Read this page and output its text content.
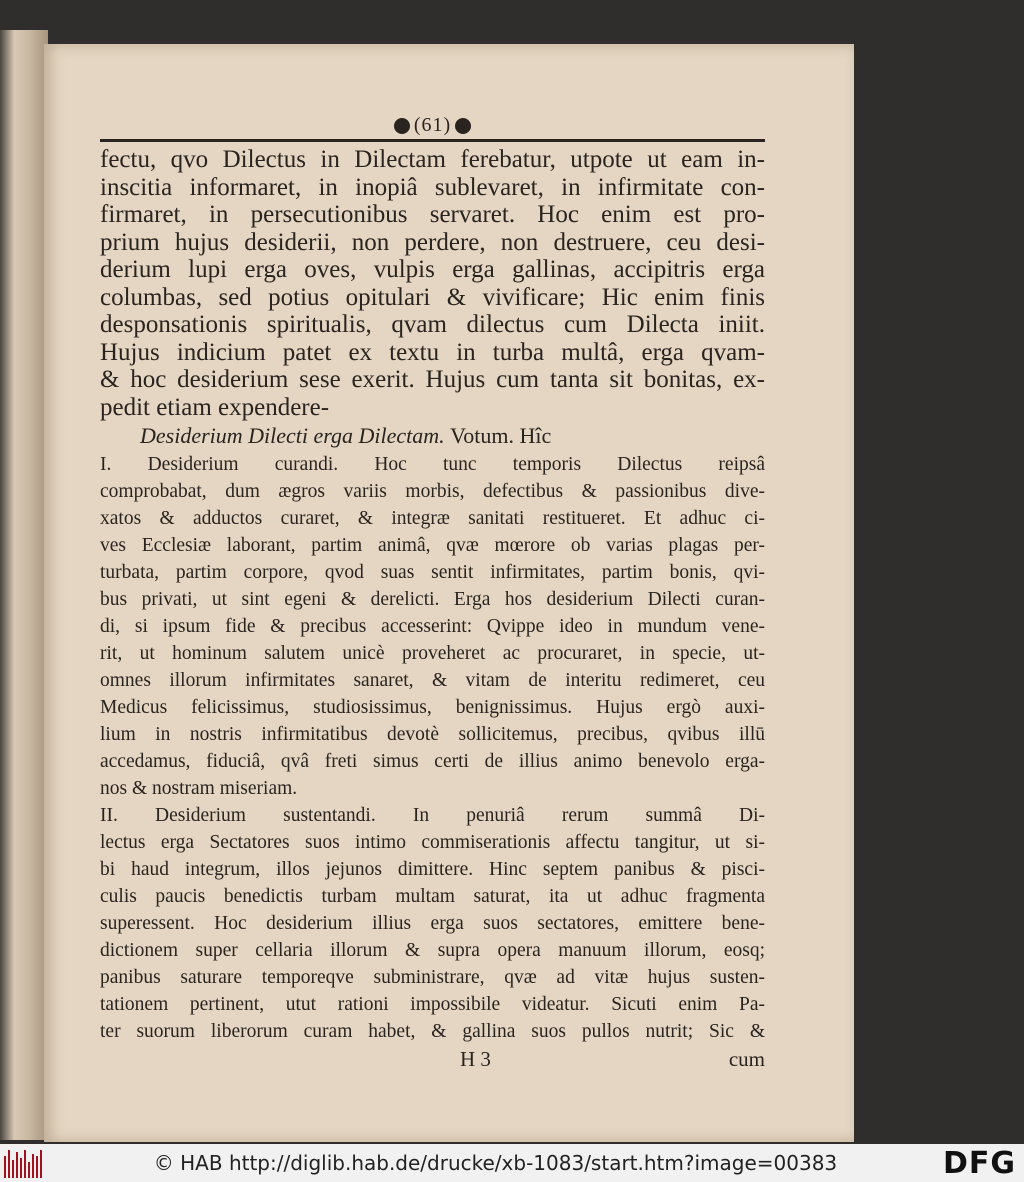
(61)
fectu, qvo Dilectus in Dilectam ferebatur, utpote ut eam in-
inscitia informaret, in inopiâ sublevaret, in infirmitate con-
firmaret, in persecutionibus servaret. Hoc enim est pro-
prium hujus desiderii, non perdere, non destruere, ceu desi-
derium lupi erga oves, vulpis erga gallinas, accipitris erga
columbas, sed potius opitulari & vivificare; Hic enim finis
desponsationis spiritualis, qvam dilectus cum Dilecta iniit.
Hujus indicium patet ex textu in turba multâ, erga qvam-
& hoc desiderium sese exerit. Hujus cum tanta sit bonitas, ex-
pedit etiam expendere-
Desiderium Dilecti erga Dilectam. Votum. Hîc
I. Desiderium curandi. Hoc tunc temporis Dilectus reipsâ
comprobabat, dum ægros variis morbis, defectibus & passionibus dive-
xatos & adductos curaret, & integræ sanitati restitueret. Et adhuc ci-
ves Ecclesiæ laborant, partim animâ, qvæ mœrore ob varias plagas per-
turbata, partim corpore, qvod suas sentit infirmitates, partim bonis, qvi-
bus privati, ut sint egeni & derelicti. Erga hos desiderium Dilecti curan-
di, si ipsum fide & precibus accesserint: Qvippe ideo in mundum vene-
rit, ut hominum salutem unicè proveheret ac procuraret, in specie, ut-
omnes illorum infirmitates sanaret, & vitam de interitu redimeret, ceu
Medicus felicissimus, studiosissimus, benignissimus. Hujus ergò auxi-
lium in nostris infirmitatibus devotè sollicitemus, precibus, qvibus illū
accedamus, fiduciâ, qvâ freti simus certi de illius animo benevolo erga-
nos & nostram miseriam.
II. Desiderium sustentandi. In penuriâ rerum summâ Di-
lectus erga Sectatores suos intimo commiserationis affectu tangitur, ut si-
bi haud integrum, illos jejunos dimittere. Hinc septem panibus & pisci-
culis paucis benedictis turbam multam saturat, ita ut adhuc fragmenta
superessent. Hoc desiderium illius erga suos sectatores, emittere bene-
dictionem super cellaria illorum & supra opera manuum illorum, eosq;
panibus saturare temporeqve subministrare, qvæ ad vitæ hujus susten-
tationem pertinent, utut rationi impossibile videatur. Sicuti enim Pa-
ter suorum liberorum curam habet, & gallina suos pullos nutrit; Sic &
H 3	cum
© HAB http://diglib.hab.de/drucke/xb-1083/start.htm?image=00383	DFG
